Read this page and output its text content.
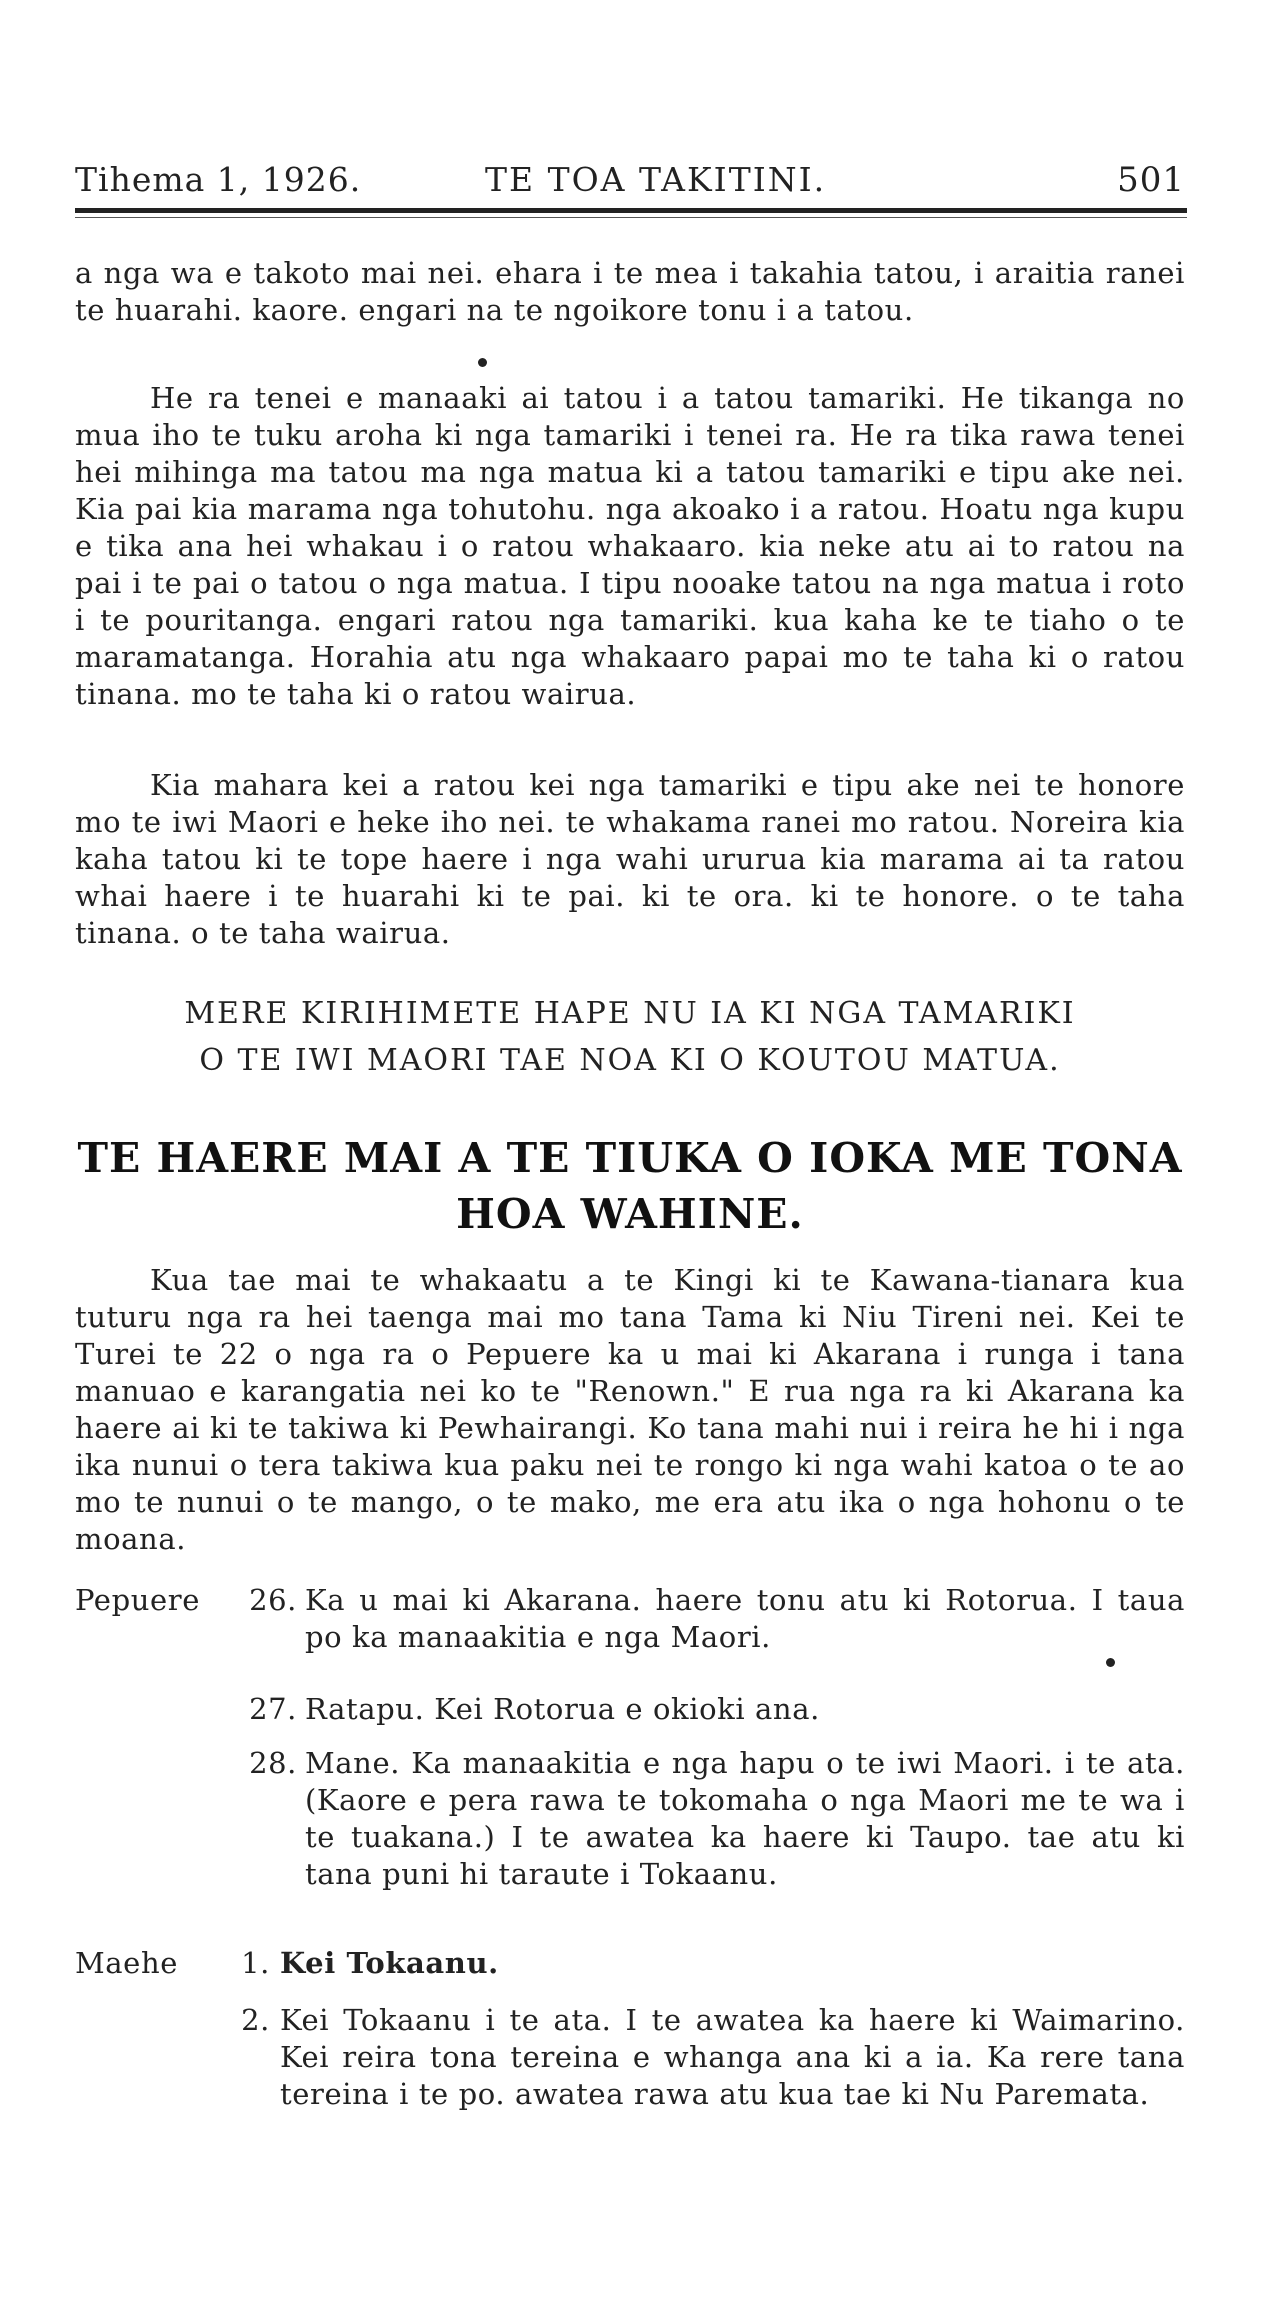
Tihema 1, 1926.	TE TOA TAKITINI.	501
a nga wa e takoto mai nei. ehara i te mea i takahia tatou, i araitia ranei te huarahi. kaore. engari na te ngoikore tonu i a tatou.
He ra tenei e manaaki ai tatou i a tatou tamariki. He tikanga no mua iho te tuku aroha ki nga tamariki i tenei ra. He ra tika rawa tenei hei mihinga ma tatou ma nga matua ki a tatou tamariki e tipu ake nei. Kia pai kia marama nga tohutohu. nga akoako i a ratou. Hoatu nga kupu e tika ana hei whakau i o ratou whakaaro. kia neke atu ai to ratou na pai i te pai o tatou o nga matua. I tipu nooake tatou na nga matua i roto i te pouritanga. engari ratou nga tamariki. kua kaha ke te tiaho o te maramatanga. Horahia atu nga whakaaro papai mo te taha ki o ratou tinana. mo te taha ki o ratou wairua.
Kia mahara kei a ratou kei nga tamariki e tipu ake nei te honore mo te iwi Maori e heke iho nei. te whakama ranei mo ratou. Noreira kia kaha tatou ki te tope haere i nga wahi ururua kia marama ai ta ratou whai haere i te huarahi ki te pai. ki te ora. ki te honore. o te taha tinana. o te taha wairua.
MERE KIRIHIMETE HAPE NU IA KI NGA TAMARIKI
O TE IWI MAORI TAE NOA KI O KOUTOU MATUA.
TE HAERE MAI A TE TIUKA O IOKA ME TONA HOA WAHINE.
Kua tae mai te whakaatu a te Kingi ki te Kawana-tianara kua tuturu nga ra hei taenga mai mo tana Tama ki Niu Tireni nei. Kei te Turei te 22 o nga ra o Pepuere ka u mai ki Akarana i runga i tana manuao e karangatia nei ko te "Renown." E rua nga ra ki Akarana ka haere ai ki te takiwa ki Pewhairangi. Ko tana mahi nui i reira he hi i nga ika nunui o tera takiwa kua paku nei te rongo ki nga wahi katoa o te ao mo te nunui o te mango, o te mako, me era atu ika o nga hohonu o te moana.
Pepuere	26. Ka u mai ki Akarana. haere tonu atu ki Rotorua. I taua po ka manaakitia e nga Maori.
27. Ratapu. Kei Rotorua e okioki ana.
28. Mane. Ka manaakitia e nga hapu o te iwi Maori. i te ata. (Kaore e pera rawa te tokomaha o nga Maori me te wa i te tuakana.) I te awatea ka haere ki Taupo. tae atu ki tana puni hi taraute i Tokaanu.
Maehe	1. Kei Tokaanu.
2. Kei Tokaanu i te ata. I te awatea ka haere ki Waimarino. Kei reira tona tereina e whanga ana ki a ia. Ka rere tana tereina i te po. awatea rawa atu kua tae ki Nu Parematа.
